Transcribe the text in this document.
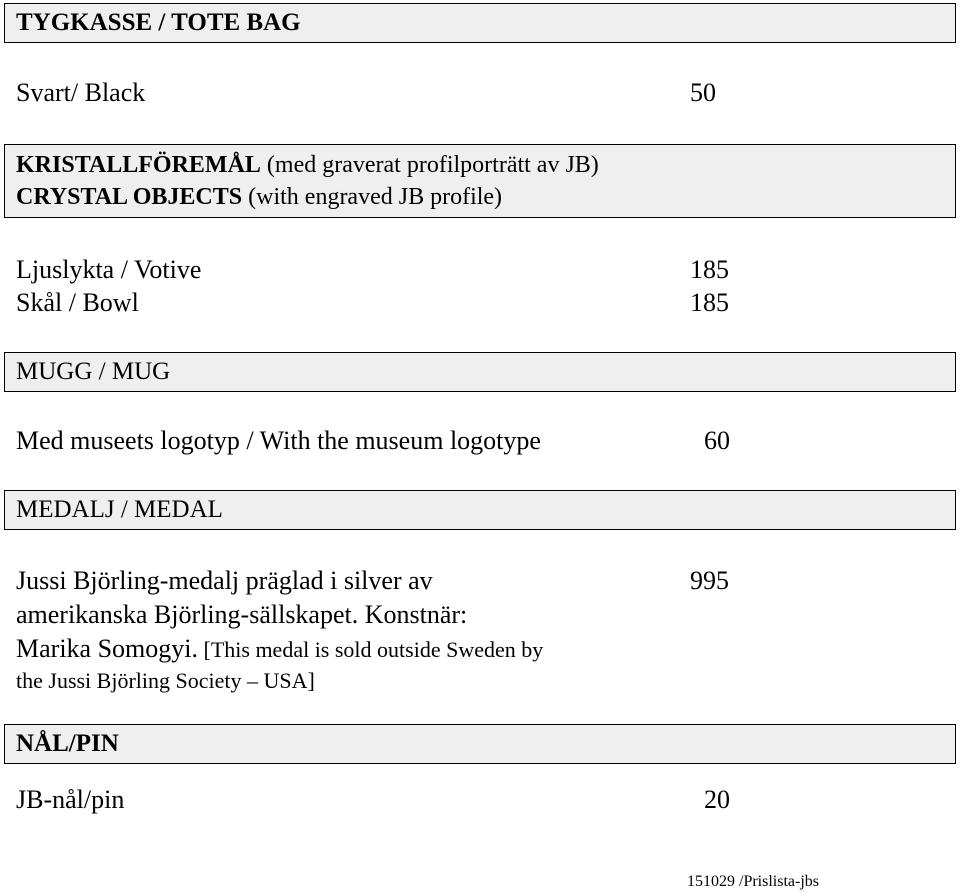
TYGKASSE / TOTE BAG
Svart/ Black	50
KRISTALLFÖREMÅL (med graverat profilporträtt av JB)
CRYSTAL OBJECTS (with engraved JB profile)
Ljuslykta / Votive	185
Skål / Bowl	185
MUGG / MUG
Med museets logotyp / With the museum logotype	60
MEDALJ / MEDAL
Jussi Björling-medalj präglad i silver av	995
amerikanska Björling-sällskapet. Konstnär:
Marika Somogyi. [This medal is sold outside Sweden by
the Jussi Björling Society – USA]
NÅL/PIN
JB-nål/pin	20
151029 /Prislista-jbs
